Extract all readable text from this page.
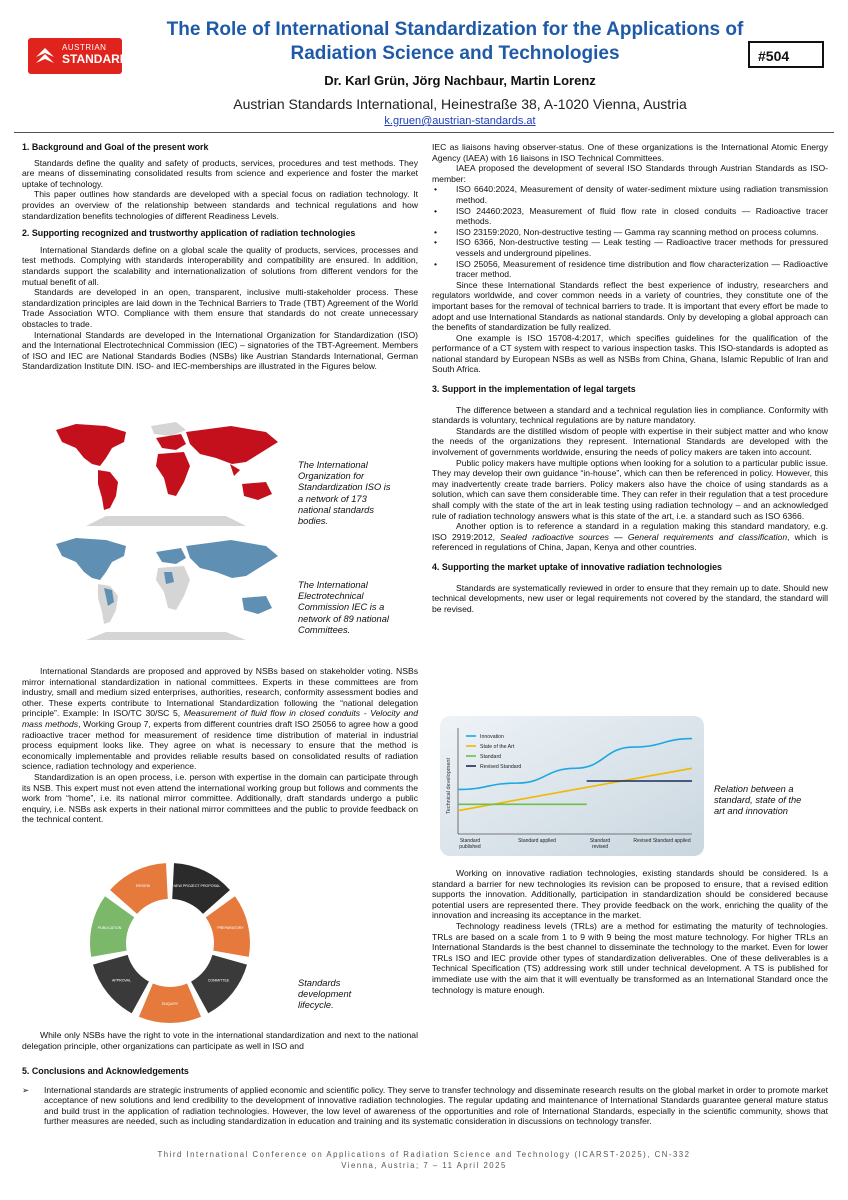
AUSTRIAN
STANDARDS
The Role of International Standardization for the Applications of
Radiation Science and Technologies	#504
Dr. Karl Grün, Jörg Nachbaur, Martin Lorenz
Austrian Standards International, Heinestraße 38, A-1020 Vienna, Austria
k.gruen@austrian-standards.at

1. Background and Goal of the present work

Standards define the quality and safety of products, services, procedures and test methods. They are means of disseminating consolidated results from science and experience and foster the market uptake of technology.

This paper outlines how standards are developed with a special focus on radiation technology. It provides an overview of the relationship between standards and technical regulations and how standardization benefits technologies of different Readiness Levels.

2. Supporting recognized and trustworthy application of radiation technologies

International Standards define on a global scale the quality of products, services, processes and test methods. Complying with standards interoperability and compatibility are ensured. In addition, standards support the scalability and internationalization of solutions from different vendors for the mutual benefit of all.

Standards are developed in an open, transparent, inclusive multi-stakeholder process. These standardization principles are laid down in the Technical Barriers to Trade (TBT) Agreement of the World Trade Association WTO. Compliance with them ensure that standards do not create unnecessary obstacles to trade.

International Standards are developed in the International Organization for Standardization (ISO) and the International Electrotechnical Commission (IEC) – signatories of the TBT-Agreement. Members of ISO and IEC are National Standards Bodies (NSBs) like Austrian Standards International, German Standardization Institute DIN. ISO- and IEC-memberships are illustrated in the Figures below.

The International Organization for Standardization ISO is a network of 173 national standards bodies.
The International Electrotechnical Commission IEC is a network of 89 national Committees.

International Standards are proposed and approved by NSBs based on stakeholder voting. NSBs mirror international standardization in national committees. Experts in these committees are from industry, small and medium sized enterprises, authorities, research, conformity assessment bodies and other. These experts contribute to International Standardization following the “national delegation principle”. Example: In ISO/TC 30/SC 5, Measurement of fluid flow in closed conduits - Velocity and mass methods, Working Group 7, experts from different countries draft ISO 25056 to agree how a good radioactive tracer method for measurement of residence time distribution of material in industrial process equipment looks like. They agree on what is necessary to ensure that the method is economically implementable and provides reliable results based on consolidated results of radiation science, radiation technology and experience.

Standardization is an open process, i.e. person with expertise in the domain can participate through its NSB. This expert must not even attend the international working group but follows and comments the work from “home”, i.e. its national mirror committee. Additionally, draft standards undergo a public enquiry, i.e. NSBs ask experts in their national mirror committees and the public to provide feedback on the technical content.

NEW PROJECT PROPOSAL
PREPARATORY
COMMITTEE
ENQUIRY
APPROVAL
PUBLICATION
REVIEW
Standards development lifecycle.

While only NSBs have the right to vote in the international standardization and next to the national delegation principle, other organizations can participate as well in ISO and

IEC as liaisons having observer-status. One of these organizations is the International Atomic Energy Agency (IAEA) with 16 liaisons in ISO Technical Committees.

IAEA proposed the development of several ISO Standards through Austrian Standards as ISO-member:

• ISO 6640:2024, Measurement of density of water-sediment mixture using radiation transmission method.
• ISO 24460:2023, Measurement of fluid flow rate in closed conduits — Radioactive tracer methods.
• ISO 23159:2020, Non-destructive testing — Gamma ray scanning method on process columns.
• ISO 6366, Non-destructive testing — Leak testing — Radioactive tracer methods for pressured vessels and underground pipelines.
• ISO 25056, Measurement of residence time distribution and flow characterization — Radioactive tracer method.

Since these International Standards reflect the best experience of industry, researchers and regulators worldwide, and cover common needs in a variety of countries, they constitute one of the important bases for the removal of technical barriers to trade. It is important that every effort be made to adopt and use International Standards as national standards. Only by developing a global approach can the benefits of standardization be fully realized.

One example is ISO 15708-4:2017, which specifies guidelines for the qualification of the performance of a CT system with respect to various inspection tasks. This ISO-standards is adopted as national standard by European NSBs as well as NSBs from China, Ghana, Islamic Republic of Iran and South Africa.

3. Support in the implementation of legal targets

The difference between a standard and a technical regulation lies in compliance. Conformity with standards is voluntary, technical regulations are by nature mandatory.

Standards are the distilled wisdom of people with expertise in their subject matter and who know the needs of the organizations they represent. International Standards are developed with the involvement of governments worldwide, ensuring the needs of policy makers are taken into account.

Public policy makers have multiple options when looking for a solution to a particular public issue. They may develop their own guidance “in-house”, which can then be referenced in policy. However, this may inadvertently create trade barriers. Policy makers also have the choice of using standards as a solution, which can save them considerable time. They can refer in their regulation that a test procedure shall comply with the state of the art in leak testing using radiation technology – and an acknowledged rule of radiation technology answers what is this state of the art, i.e. a standard such as ISO 6366.

Another option is to reference a standard in a regulation making this standard mandatory, e.g. ISO 2919:2012, Sealed radioactive sources — General requirements and classification, which is referenced in regulations of China, Japan, Kenya and other countries.

4. Supporting the market uptake of innovative radiation technologies

Standards are systematically reviewed in order to ensure that they remain up to date. Should new technical developments, new user or legal requirements not covered by the standard, the standard will be revised.

Technical development
Innovation
State of the Art
Standard
Revised Standard
Standard
published
Standard applied	Standard
revised
Revised Standard applied
Relation between a standard, state of the art and innovation

Working on innovative radiation technologies, existing standards should be considered. Is a standard a barrier for new technologies its revision can be proposed to ensure, that a revised edition supports the innovation. Additionally, participation in standardization should be considered because potential users are represented there. They provide feedback on the work, enriching the quality of the innovation and increasing its acceptance in the market.

Technology readiness levels (TRLs) are a method for estimating the maturity of technologies. TRLs are based on a scale from 1 to 9 with 9 being the most mature technology. For higher TRLs an International Standards is the best channel to disseminate the technology to the market. Even for lower TRLs ISO and IEC provide other types of standardization deliverables. One of these deliverables is a Technical Specification (TS) addressing work still under technical development. A TS is published for immediate use with the aim that it will eventually be transformed as an International Standard once the technology is mature enough.

5. Conclusions and Acknowledgements

➢ International standards are strategic instruments of applied economic and scientific policy. They serve to transfer technology and disseminate research results on the global market in order to promote market acceptance of new solutions and lend credibility to the development of innovative radiation technologies. The regular updating and maintenance of International Standards guarantee general mature status and build trust in the application of radiation technologies. However, the low level of awareness of the opportunities and role of International Standards, especially in the scientific community, shows that further measures are needed, such as including standardization in education and training and its systematic consideration in discussions on technology transfer.
Third International Conference on Applications of Radiation Science and Technology (ICARST-2025), CN-332
Vienna, Austria; 7 – 11 April 2025
